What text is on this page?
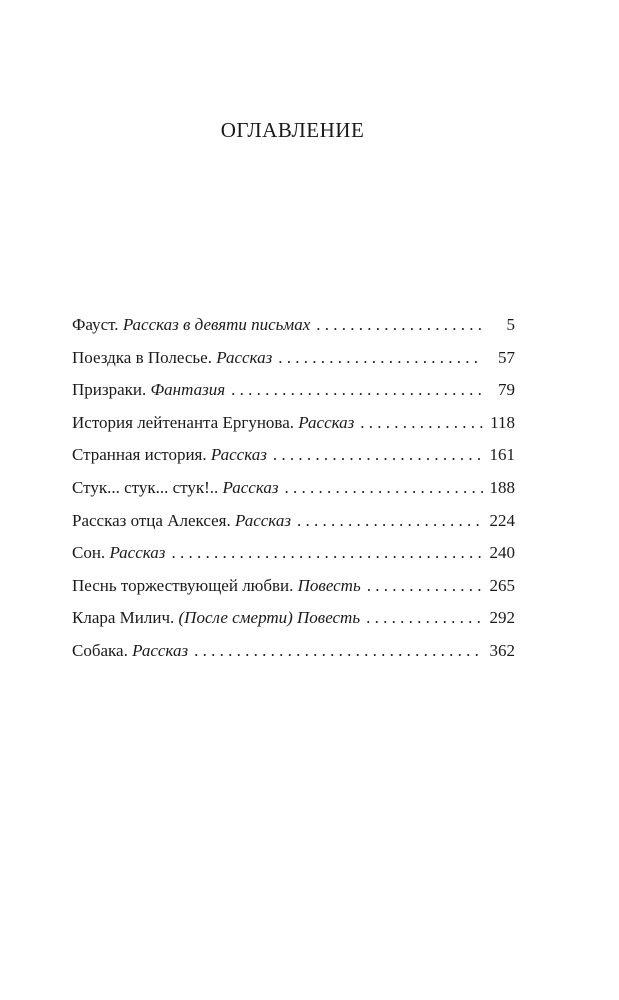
ОГЛАВЛЕНИЕ
Фауст. Рассказ в девяти письмах . . .	5
Поездка в Полесье. Рассказ . . .	57
Призраки. Фантазия . . .	79
История лейтенанта Ергунова. Рассказ . . .	118
Странная история. Рассказ . . .	161
Стук... стук... стук!.. Рассказ . . .	188
Рассказ отца Алексея. Рассказ . . .	224
Сон. Рассказ . . .	240
Песнь торжествующей любви. Повесть . . .	265
Клара Милич. (После смерти) Повесть . . .	292
Собака. Рассказ . . .	362
